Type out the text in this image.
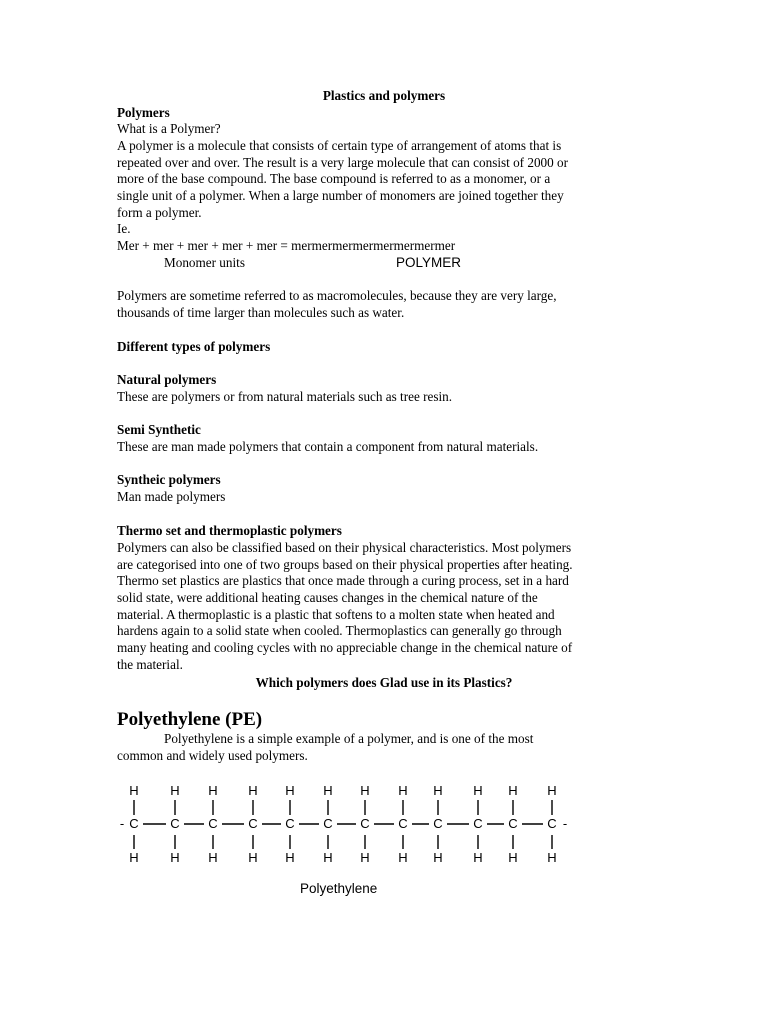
Plastics and polymers
Polymers
What is a Polymer?
A polymer is a molecule that consists of certain type of arrangement of atoms that is
repeated over and over. The result is a very large molecule that can consist of 2000 or
more of the base compound. The base compound is referred to as a monomer, or a
single unit of a polymer. When a large number of monomers are joined together they
form a polymer.
Ie.
Mer + mer + mer + mer + mer = mermermermermermermermer
Monomer units	POLYMER
Polymers are sometime referred to as macromolecules, because they are very large,
thousands of time larger than molecules such as water.
Different types of polymers
Natural polymers
These are polymers or from natural materials such as tree resin.
Semi Synthetic
These are man made polymers that contain a component from natural materials.
Syntheic polymers
Man made polymers
Thermo set and thermoplastic polymers
Polymers can also be classified based on their physical characteristics. Most polymers
are categorised into one of two groups based on their physical properties after heating.
Thermo set plastics are plastics that once made through a curing process, set in a hard
solid state, were additional heating causes changes in the chemical nature of the
material. A thermoplastic is a plastic that softens to a molten state when heated and
hardens again to a solid state when cooled. Thermoplastics can generally go through
many heating and cooling cycles with no appreciable change in the chemical nature of
the material.
Which polymers does Glad use in its Plastics?
Polyethylene (PE)
Polyethylene is a simple example of a polymer, and is one of the most
common and widely used polymers.
H
C
H
H
C
H
H
C
H
H
C
H
H
C
H
H
C
H
H
C
H
H
C
H
H
C
H
H
C
H
H
C
H
H
C
H
-	-
Polyethylene
